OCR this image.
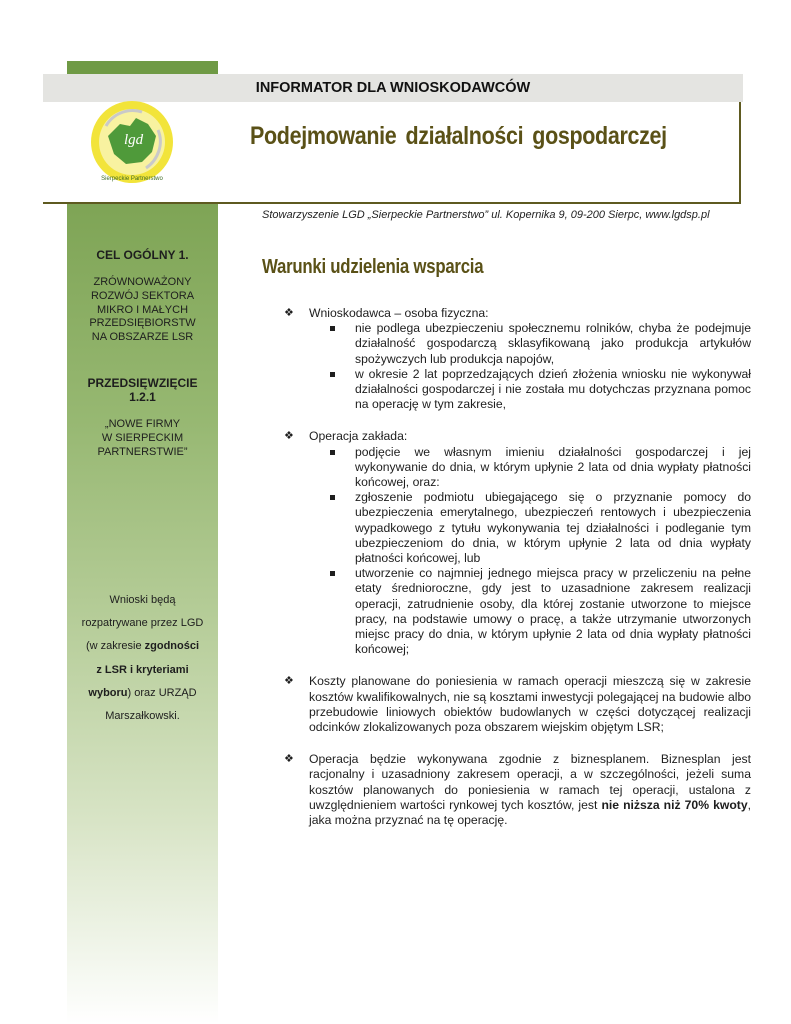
INFORMATOR DLA WNIOSKODAWCÓW
lgd
Sierpeckie Partnerstwo
Podejmowanie działalności gospodarczej
Stowarzyszenie LGD „Sierpeckie Partnerstwo” ul. Kopernika 9, 09-200 Sierpc, www.lgdsp.pl
CEL OGÓLNY 1.
ZRÓWNOWAŻONY
ROZWÓJ SEKTORA
MIKRO I MAŁYCH
PRZEDSIĘBIORSTW
NA OBSZARZE LSR
PRZEDSIĘWZIĘCIE
1.2.1
„NOWE FIRMY
W SIERPECKIM
PARTNERSTWIE”
Wnioski będą
rozpatrywane przez LGD
(w zakresie zgodności
z LSR i kryteriami
wyboru) oraz URZĄD
Marszałkowski.
Warunki udzielenia wsparcia
❖ Wnioskodawca – osoba fizyczna:

nie podlega ubezpieczeniu społecznemu rolników, chyba że podejmuje działalność gospodarczą sklasyfikowaną jako produkcja artykułów spożywczych lub produkcja napojów,
w okresie 2 lat poprzedzających dzień złożenia wniosku nie wykonywał działalności gospodarczej i nie została mu dotychczas przyznana pomoc na operację w tym zakresie,
❖ Operacja zakłada:

podjęcie we własnym imieniu działalności gospodarczej i jej wykonywanie do dnia, w którym upłynie 2 lata od dnia wypłaty płatności końcowej, oraz:
zgłoszenie podmiotu ubiegającego się o przyznanie pomocy do ubezpieczenia emerytalnego, ubezpieczeń rentowych i ubezpieczenia wypadkowego z tytułu wykonywania tej działalności i podleganie tym ubezpieczeniom do dnia, w którym upłynie 2 lata od dnia wypłaty płatności końcowej, lub
utworzenie co najmniej jednego miejsca pracy w przeliczeniu na pełne etaty średnioroczne, gdy jest to uzasadnione zakresem realizacji operacji, zatrudnienie osoby, dla której zostanie utworzone to miejsce pracy, na podstawie umowy o pracę, a także utrzymanie utworzonych miejsc pracy do dnia, w którym upłynie 2 lata od dnia wypłaty płatności końcowej;
❖ Koszty planowane do poniesienia w ramach operacji mieszczą się w zakresie kosztów kwalifikowalnych, nie są kosztami inwestycji polegającej na budowie albo przebudowie liniowych obiektów budowlanych w części dotyczącej realizacji odcinków zlokalizowanych poza obszarem wiejskim objętym LSR;

❖ Operacja będzie wykonywana zgodnie z biznesplanem. Biznesplan jest racjonalny i uzasadniony zakresem operacji, a w szczególności, jeżeli suma kosztów planowanych do poniesienia w ramach tej operacji, ustalona z uwzględnieniem wartości rynkowej tych kosztów, jest nie niższa niż 70% kwoty, jaka można przyznać na tę operację.
